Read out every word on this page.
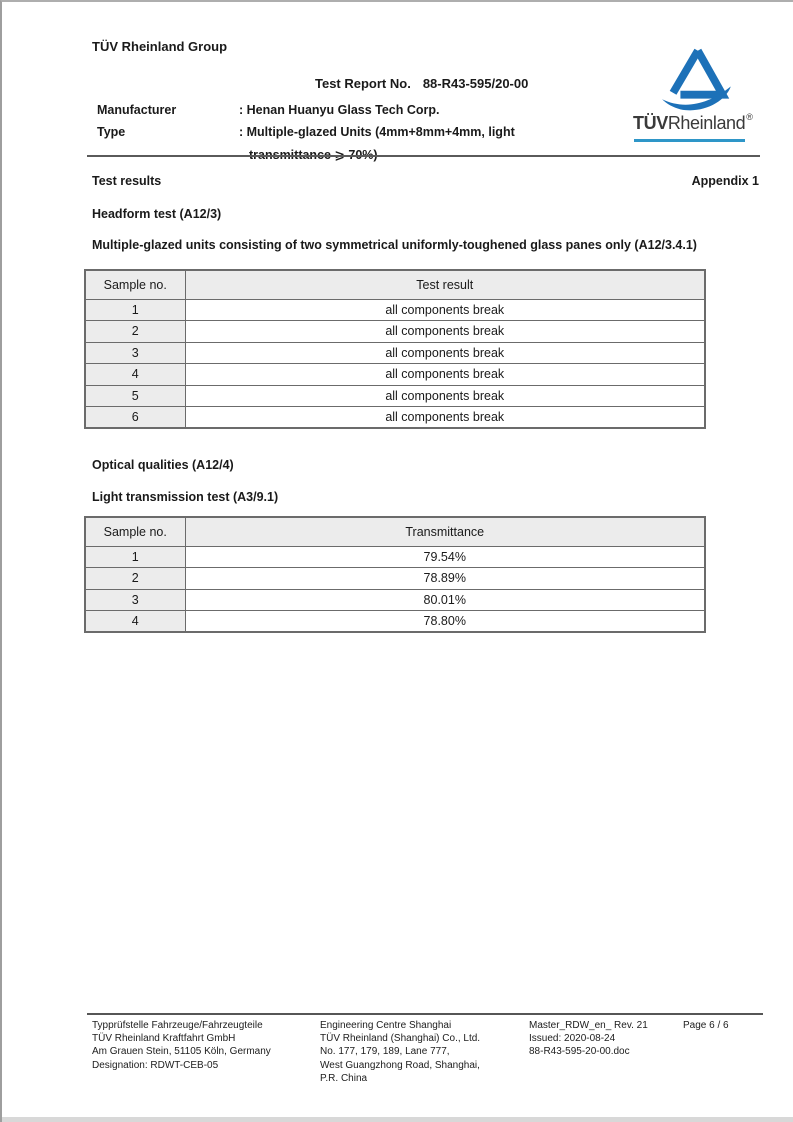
TÜV Rheinland Group
Test Report No. 88-R43-595/20-00
Manufacturer	: Henan Huanyu Glass Tech Corp.
Type	: Multiple-glazed Units (4mm+8mm+4mm, light	TÜVRheinland®
Test results	Appendix 1
Headform test (A12/3)
Multiple-glazed units consisting of two symmetrical uniformly-toughened glass panes only (A12/3.4.1)
Sample no.	Test result
1	all components break
2	all components break
3	all components break
4	all components break
5	all components break
6	all components break
Optical qualities (A12/4)
Light transmission test (A3/9.1)
Sample no.	Transmittance
1	79.54%
2	78.89%
3	80.01%
4	78.80%
Typprüfstelle Fahrzeuge/Fahrzeugteile
TÜV Rheinland Kraftfahrt GmbH
Am Grauen Stein, 51105 Köln, Germany
Designation: RDWT-CEB-05
Engineering Centre Shanghai
TÜV Rheinland (Shanghai) Co., Ltd.
No. 177, 179, 189, Lane 777,
West Guangzhong Road, Shanghai,
P.R. China
Master_RDW_en_ Rev. 21
Issued: 2020-08-24
88-R43-595-20-00.doc
Page 6 / 6
